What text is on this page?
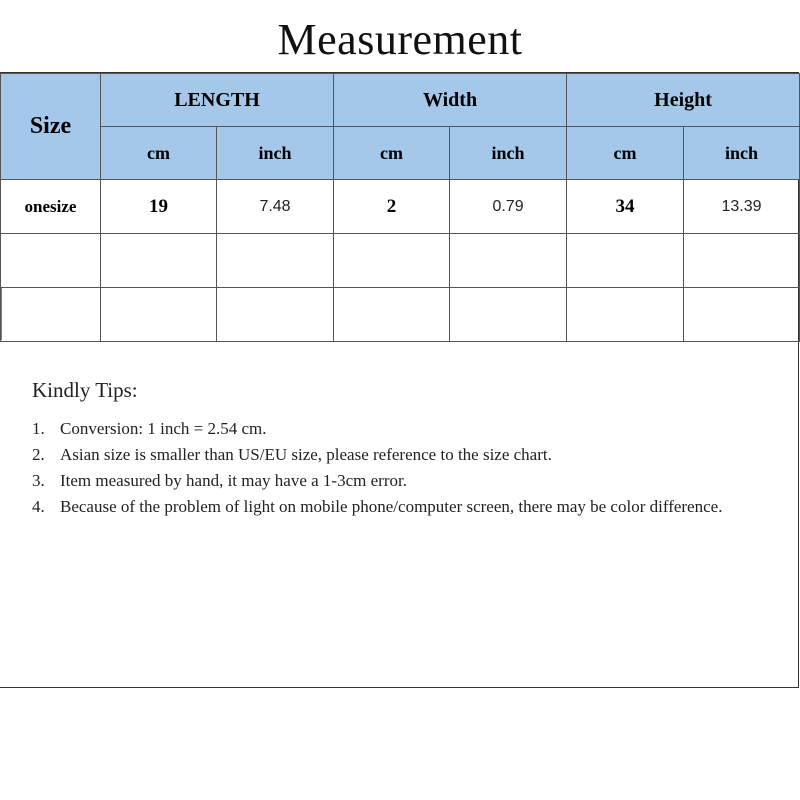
Measurement
Size	LENGTH		Width		Height	
	cm	inch	cm	inch	cm	inch
onesize	19	7.48	2	0.79	34	13.39

Kindly Tips:
1. Conversion: 1 inch = 2.54 cm.
2. Asian size is smaller than US/EU size, please reference to the size chart.
3. Item measured by hand, it may have a 1-3cm error.
4. Because of the problem of light on mobile phone/computer screen, there may be color difference.
